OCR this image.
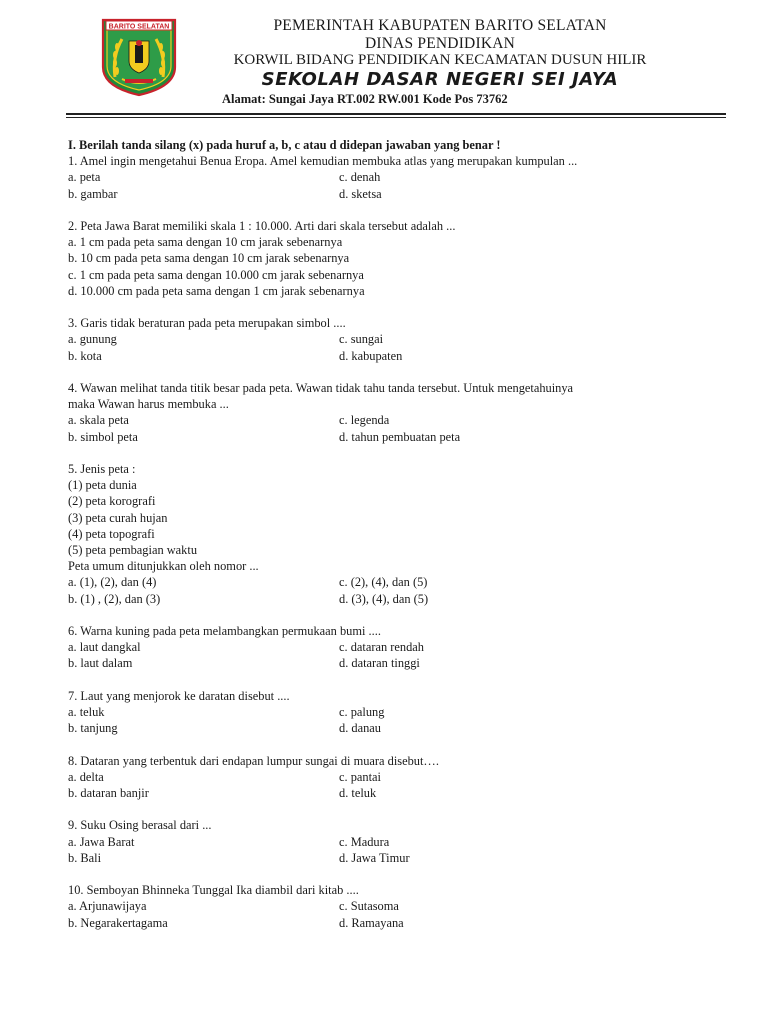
BARITO SELATAN	PEMERINTAH KABUPATEN BARITO SELATAN
DINAS PENDIDIKAN
KORWIL BIDANG PENDIDIKAN KECAMATAN DUSUN HILIR
SEKOLAH DASAR NEGERI SEI JAYA
Alamat: Sungai Jaya RT.002 RW.001 Kode Pos 73762
I. Berilah tanda silang (x) pada huruf a, b, c atau d didepan jawaban yang benar !
1. Amel ingin mengetahui Benua Eropa. Amel kemudian membuka atlas yang merupakan kumpulan ...
a. peta	c. denah
b. gambar	d. sketsa
2. Peta Jawa Barat memiliki skala 1 : 10.000. Arti dari skala tersebut adalah ...
a. 1 cm pada peta sama dengan 10 cm jarak sebenarnya
b. 10 cm pada peta sama dengan 10 cm jarak sebenarnya
c. 1 cm pada peta sama dengan 10.000 cm jarak sebenarnya
d. 10.000 cm pada peta sama dengan 1 cm jarak sebenarnya
3. Garis tidak beraturan pada peta merupakan simbol ....
a. gunung	c. sungai
b. kota	d. kabupaten
4. Wawan melihat tanda titik besar pada peta. Wawan tidak tahu tanda tersebut. Untuk mengetahuinya
maka Wawan harus membuka ...
a. skala peta	c. legenda
b. simbol peta	d. tahun pembuatan peta
5. Jenis peta :
(1) peta dunia
(2) peta korografi
(3) peta curah hujan
(4) peta topografi
(5) peta pembagian waktu
Peta umum ditunjukkan oleh nomor ...
a. (1), (2), dan (4)	c. (2), (4), dan (5)
b. (1) , (2), dan (3)	d. (3), (4), dan (5)
6. Warna kuning pada peta melambangkan permukaan bumi ....
a. laut dangkal	c. dataran rendah
b. laut dalam	d. dataran tinggi
7. Laut yang menjorok ke daratan disebut ....
a. teluk	c. palung
b. tanjung	d. danau
8. Dataran yang terbentuk dari endapan lumpur sungai di muara disebut….
a. delta	c. pantai
b. dataran banjir	d. teluk
9. Suku Osing berasal dari ...
a. Jawa Barat	c. Madura
b. Bali	d. Jawa Timur
10. Semboyan Bhinneka Tunggal Ika diambil dari kitab ....
a. Arjunawijaya	c. Sutasoma
b. Negarakertagama	d. Ramayana
